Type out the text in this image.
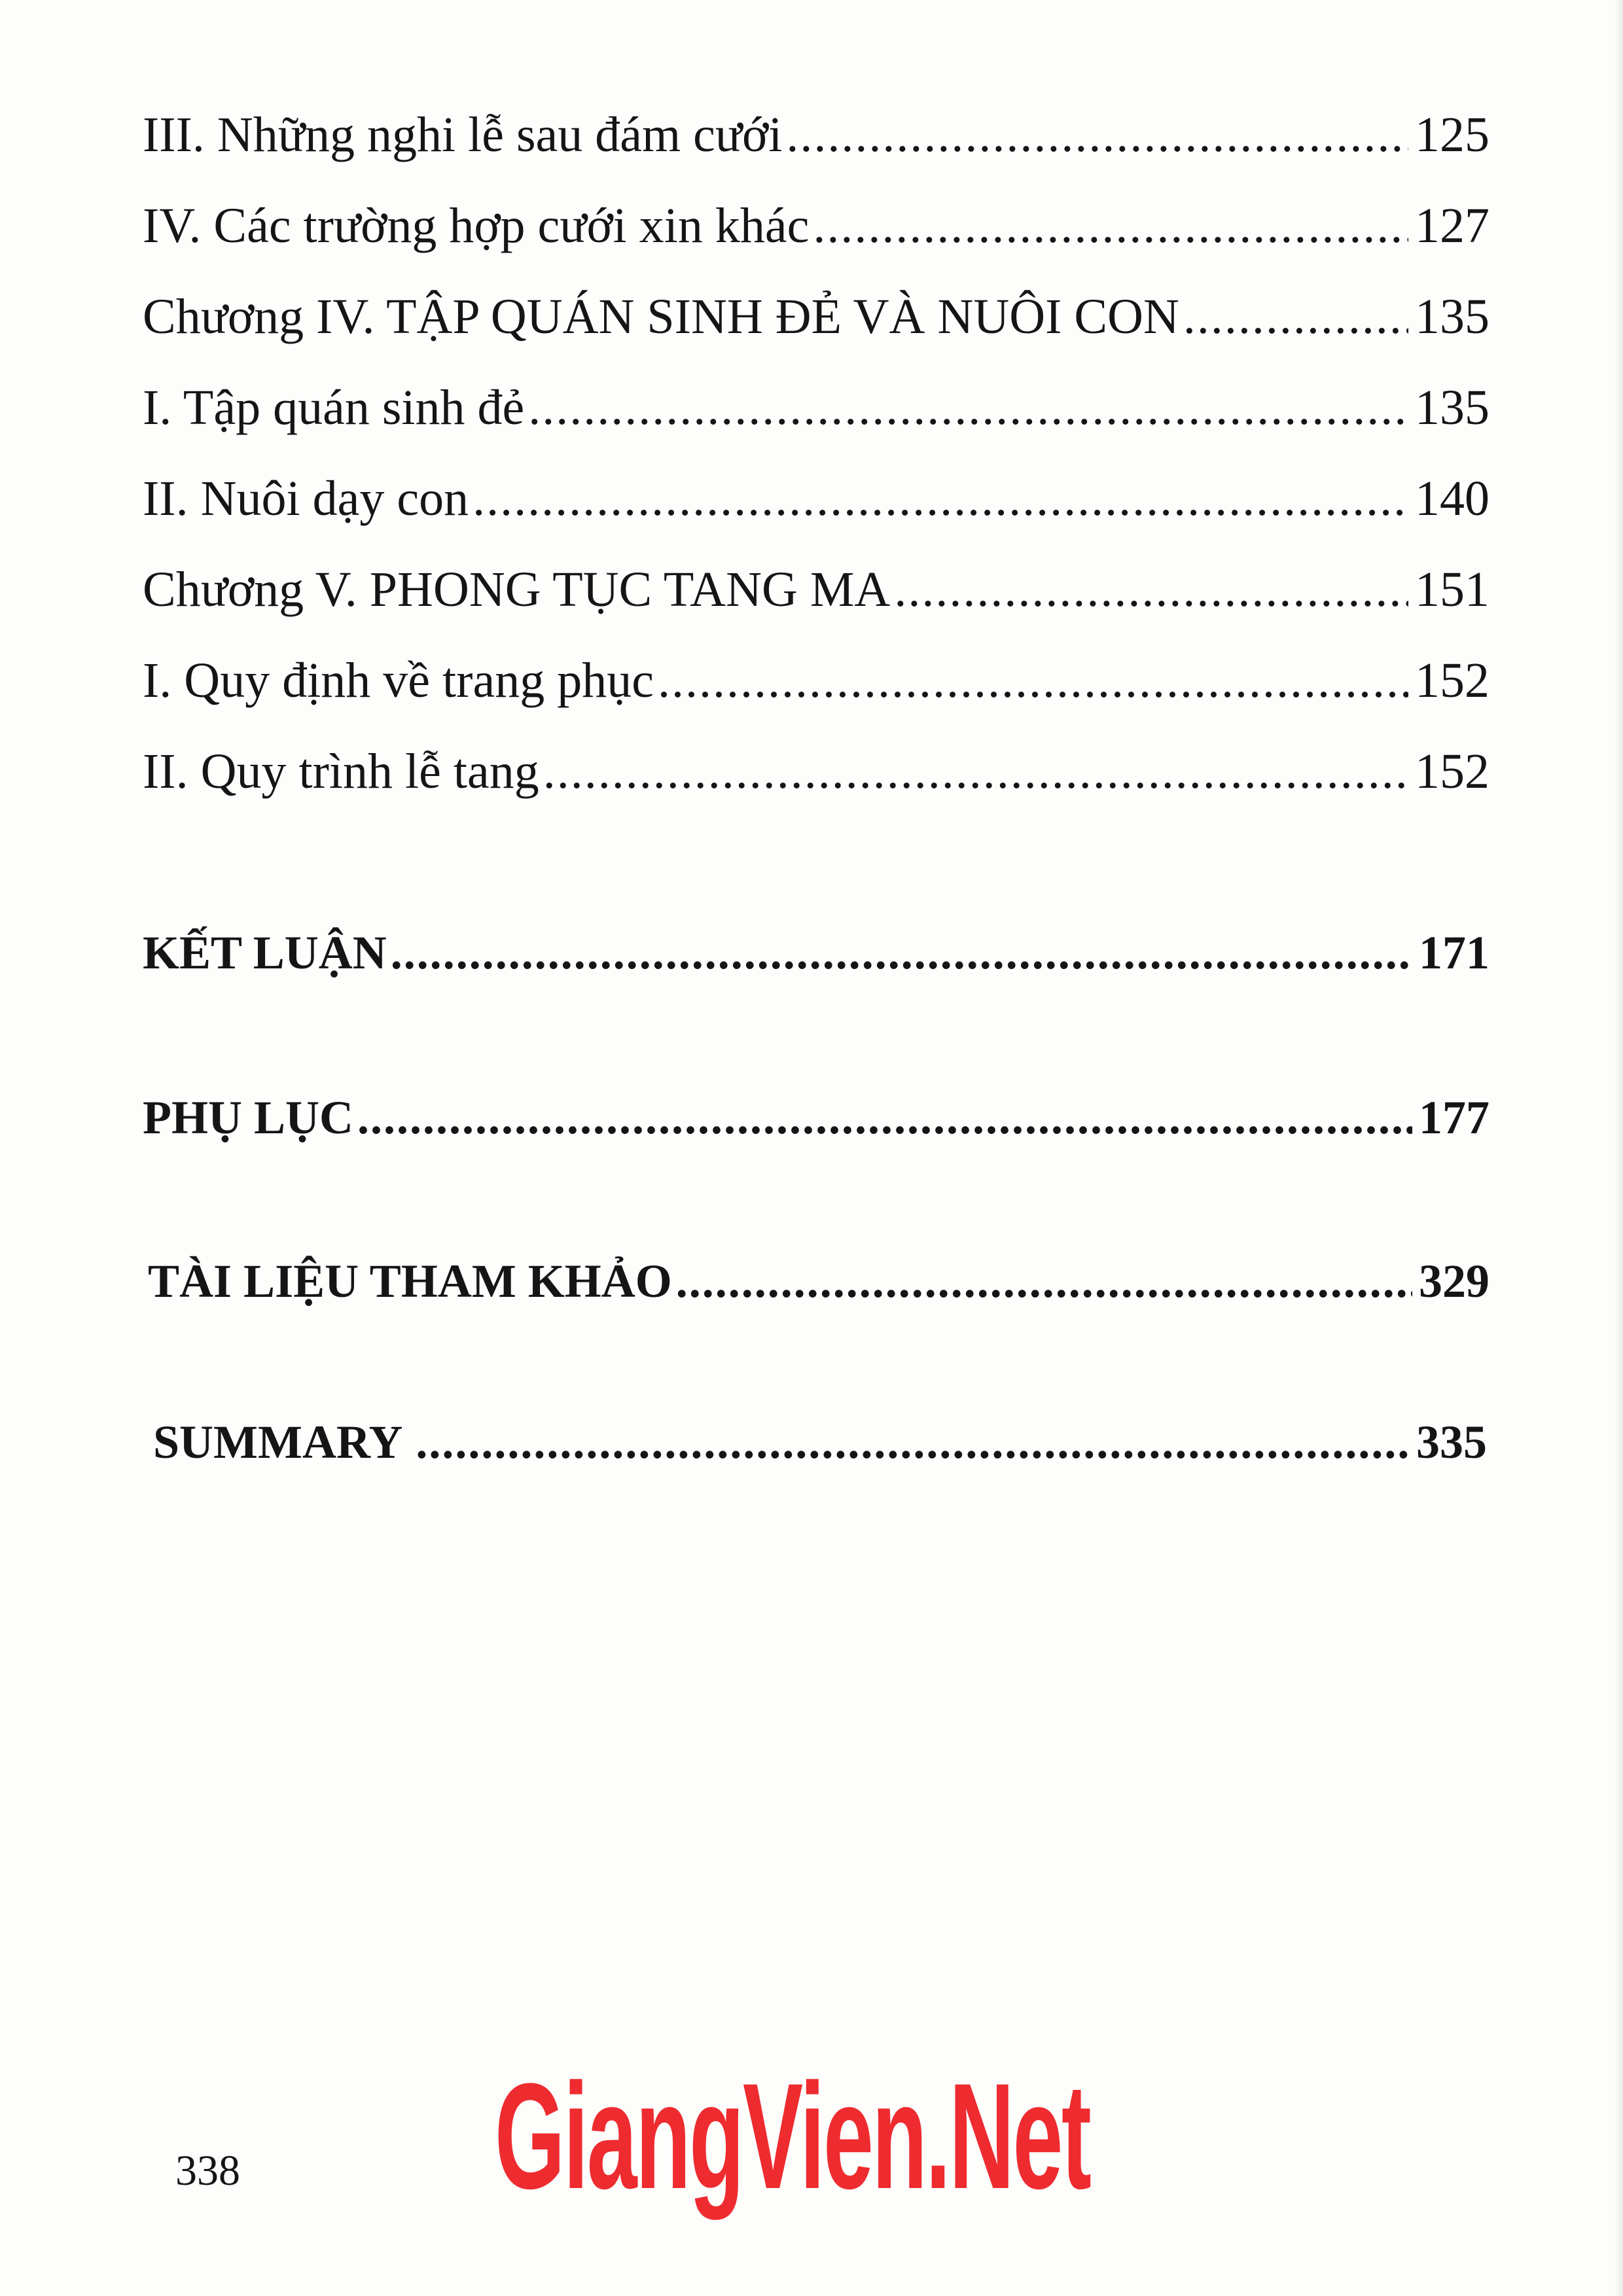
III. Những nghi lễ sau đám cưới .....	125
IV. Các trường hợp cưới xin khác .....	127
Chương IV. TẬP QUÁN SINH ĐẺ VÀ NUÔI CON .....	135
I. Tập quán sinh đẻ .....	135
II. Nuôi dạy con .....	140
Chương V. PHONG TỤC TANG MA .....	151
I. Quy định về trang phục .....	152
II. Quy trình lễ tang .....	152
KẾT LUẬN .....	171
PHỤ LỤC .....	177
TÀI LIỆU THAM KHẢO .....	329
SUMMARY .....	335
338 GiangVien.Net
